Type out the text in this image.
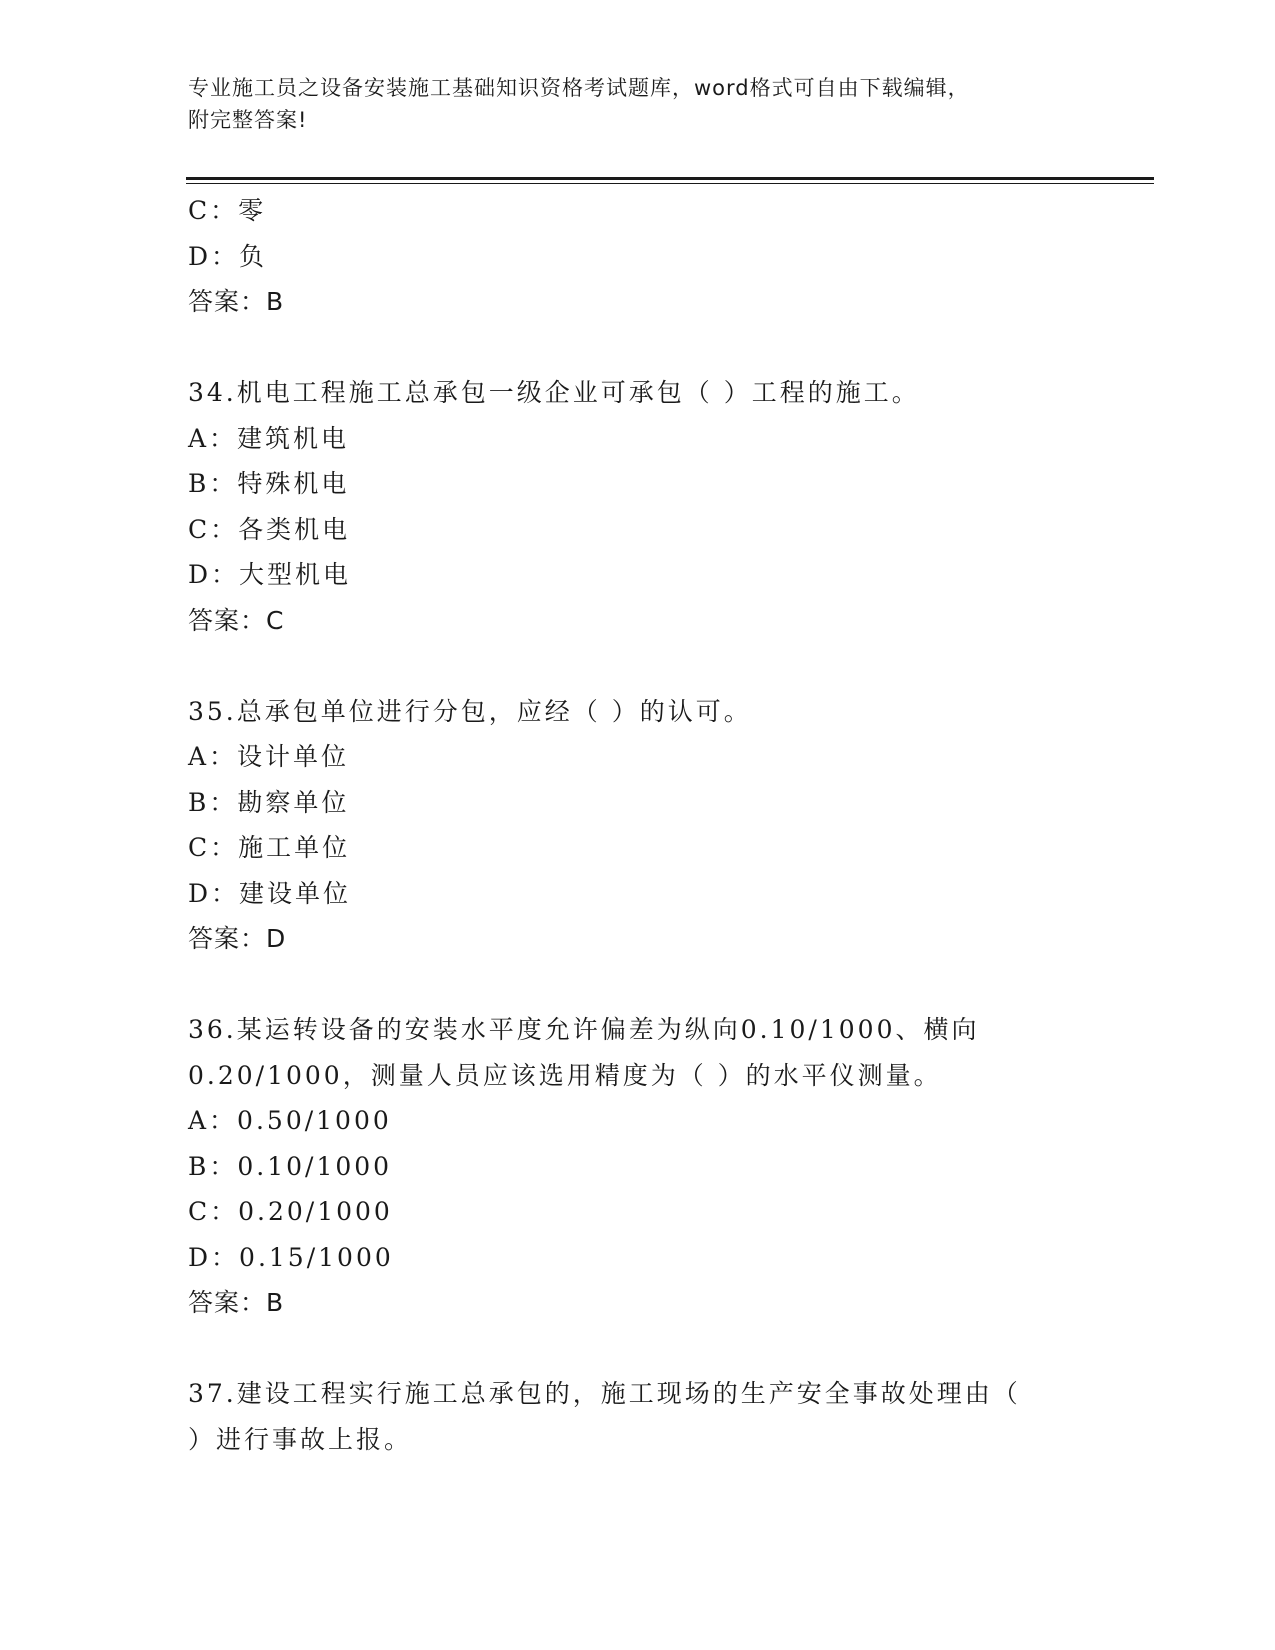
专业施工员之设备安装施工基础知识资格考试题库，word格式可自由下载编辑，
附完整答案!
C：零
D：负
答案：B
34.机电工程施工总承包一级企业可承包（ ）工程的施工。
A：建筑机电
B：特殊机电
C：各类机电
D：大型机电
答案：C
35.总承包单位进行分包，应经（ ）的认可。
A：设计单位
B：勘察单位
C：施工单位
D：建设单位
答案：D
36.某运转设备的安装水平度允许偏差为纵向0.10/1000、横向
0.20/1000，测量人员应该选用精度为（ ）的水平仪测量。
A：0.50/1000
B：0.10/1000
C：0.20/1000
D：0.15/1000
答案：B
37.建设工程实行施工总承包的，施工现场的生产安全事故处理由（
）进行事故上报。
